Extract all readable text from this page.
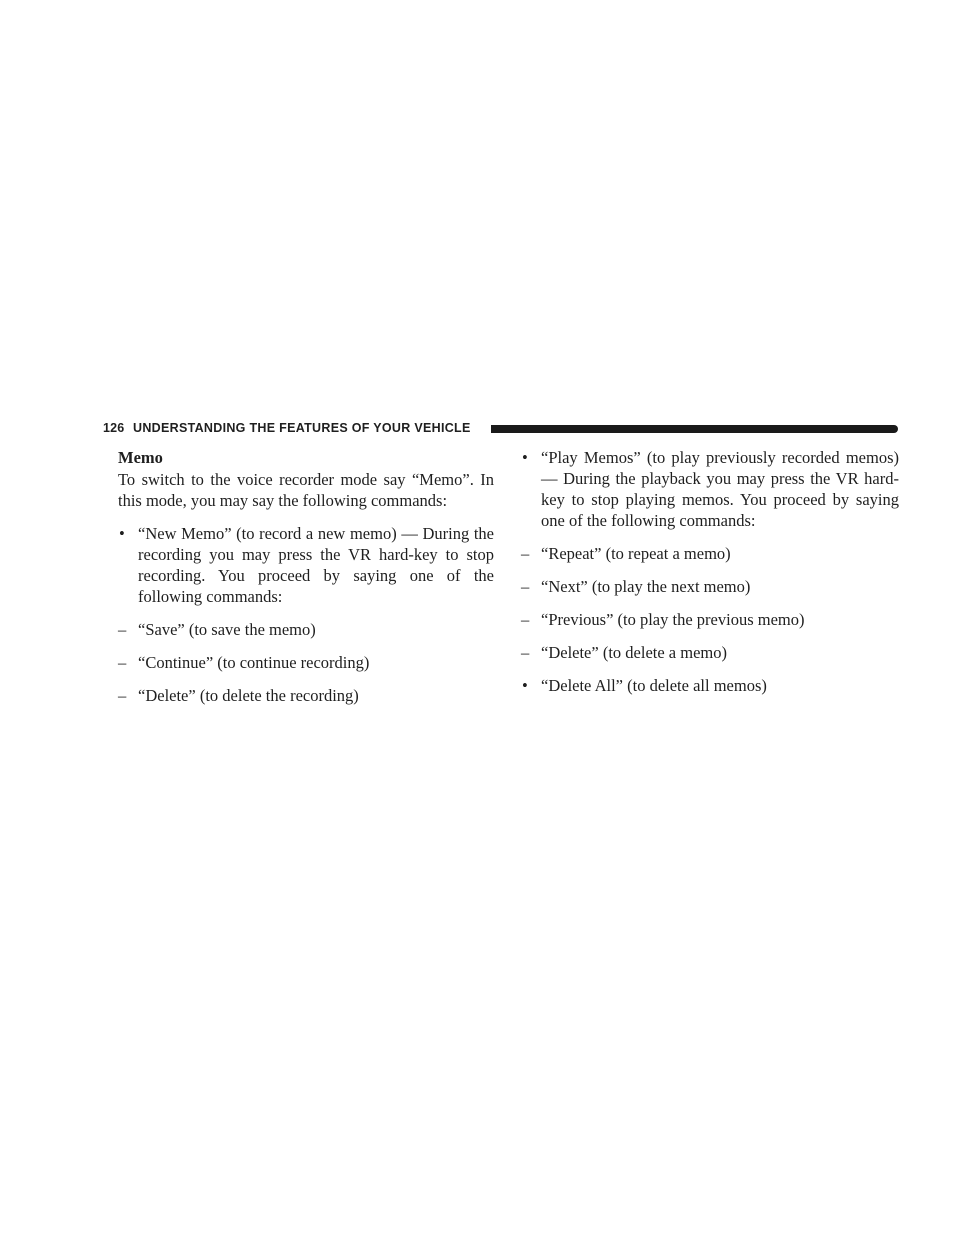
126 UNDERSTANDING THE FEATURES OF YOUR VEHICLE
Memo

To switch to the voice recorder mode say “Memo”. In this mode, you may say the following commands:

• “New Memo” (to record a new memo) — During the recording you may press the VR hard-key to stop recording. You proceed by saying one of the following commands:
– “Save” (to save the memo)
– “Continue” (to continue recording)
– “Delete” (to delete the recording)
• “Play Memos” (to play previously recorded memos) — During the playback you may press the VR hard-key to stop playing memos. You proceed by saying one of the following commands:
– “Repeat” (to repeat a memo)
– “Next” (to play the next memo)
– “Previous” (to play the previous memo)
– “Delete” (to delete a memo)
• “Delete All” (to delete all memos)
